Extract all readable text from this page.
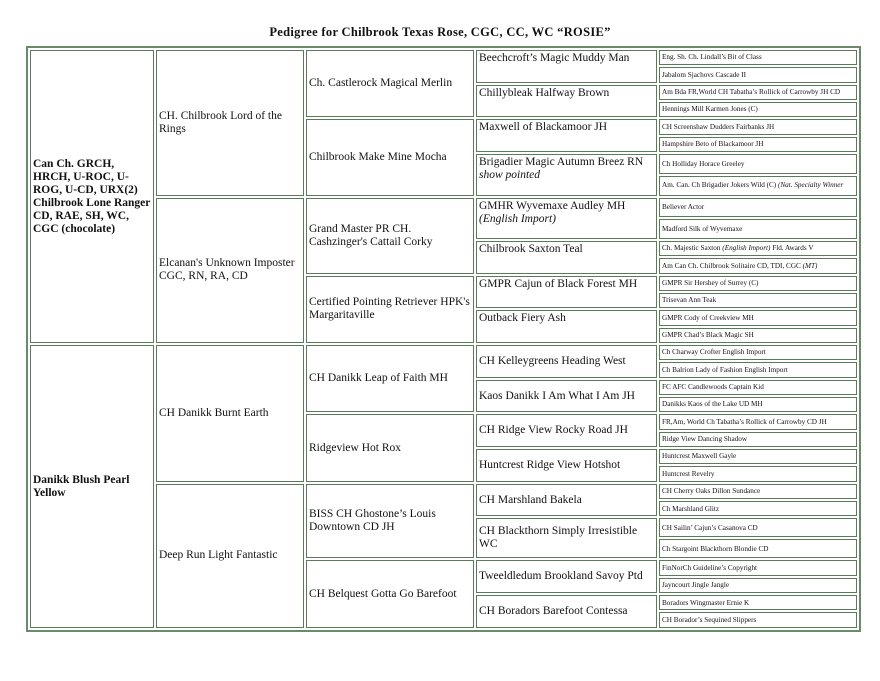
Pedigree for Chilbrook Texas Rose, CGC, CC, WC “ROSIE”
Can Ch. GRCH, HRCH, U-ROC, U-ROG, U-CD, URX(2) Chilbrook Lone Ranger CD, RAE, SH, WC, CGC (chocolate)	CH. Chilbrook Lord of the Rings	Ch. Castlerock Magical Merlin	Beechcroft’s Magic Muddy Man	Eng. Sh. Ch. Lindall’s Bit of Class
				Jabalom Sjachovs Cascade II
			Chillybleak Halfway Brown	Am Bda FR,World CH Tabatha’s Rollick of Carrowby JH CD
				Hennings Mill Karmen Jones (C)
		Chilbrook Make Mine Mocha	Maxwell of Blackamoor JH	CH Screenshaw Dudders Fairbanks JH
				Hampshire Beto of Blackamoor JH
			Brigadier Magic Autumn Breez RN
show pointed	Ch Holliday Horace Greeley
				Am. Can. Ch Brigadier Jokers Wild (C) (Nat. Specialty Winner
	Elcanan's Unknown Imposter CGC, RN, RA, CD	Grand Master PR CH. Cashzinger's Cattail Corky	GMHR Wyvemaxe Audley MH
(English Import)	Believer Actor
				Madford Silk of Wyvemaxe
			Chilbrook Saxton Teal	Ch. Majestic Saxton (English Import) Fld. Awards V
				Am Can Ch. Chilbrook Solitaire CD, TDI, CGC (MT)
		Certified Pointing Retriever HPK's Margaritaville	GMPR Cajun of Black Forest MH	GMPR Sir Hershey of Surrey (C)
				Trisevan Ann Teak
			Outback Fiery Ash	GMPR Cody of Creekview MH
				GMPR Chad’s Black Magic SH
Danikk Blush Pearl Yellow	CH Danikk Burnt Earth	CH Danikk Leap of Faith MH	CH Kelleygreens Heading West	Ch Charway Crofter English Import
				Ch Balrion Lady of Fashion English Import
			Kaos Danikk I Am What I Am JH	FC AFC Candlewoods Captain Kid
				Danikks Kaos of the Lake UD MH
		Ridgeview Hot Rox	CH Ridge View Rocky Road JH	FR,Am, World Ch Tabatha’s Rollick of Carrowby CD JH
				Ridge View Dancing Shadow
			Huntcrest Ridge View Hotshot	Huntcrest Maxwell Gayle
				Huntcrest Revelry
	Deep Run Light Fantastic	BISS CH Ghostone’s Louis Downtown CD JH	CH Marshland Bakela	CH Cherry Oaks Dillon Sundance
				Ch Marshland Glitz
			CH Blackthorn Simply Irresistible WC	CH Sailin’ Cajun’s Casanova CD
				Ch Stargoint Blackthorn Blondie CD
		CH Belquest Gotta Go Barefoot	Tweeldledum Brookland Savoy Ptd	FinNorCh Guideline’s Copyright
				Jayncourt Jingle Jangle
			CH Boradors Barefoot Contessa	Boradors Wingmaster Ernie K
				CH Borador’s Sequined Slippers
